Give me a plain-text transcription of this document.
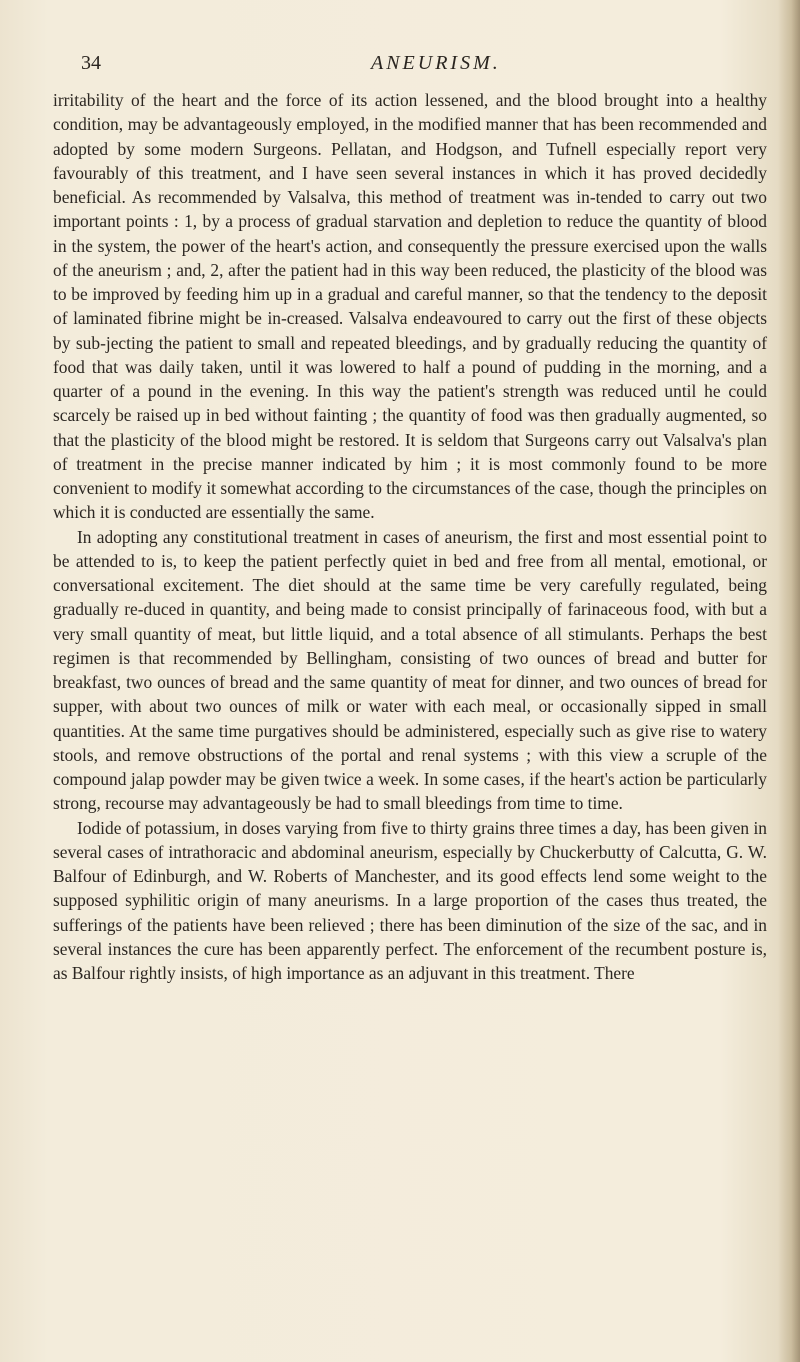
34	ANEURISM.

irritability of the heart and the force of its action lessened, and the blood brought into a healthy condition, may be advantageously employed, in the modified manner that has been recommended and adopted by some modern Surgeons. Pellatan, and Hodgson, and Tufnell especially report very favourably of this treatment, and I have seen several instances in which it has proved decidedly beneficial. As recommended by Valsalva, this method of treatment was in-tended to carry out two important points : 1, by a process of gradual starvation and depletion to reduce the quantity of blood in the system, the power of the heart's action, and consequently the pressure exercised upon the walls of the aneurism ; and, 2, after the patient had in this way been reduced, the plasticity of the blood was to be improved by feeding him up in a gradual and careful manner, so that the tendency to the deposit of laminated fibrine might be in-creased. Valsalva endeavoured to carry out the first of these objects by sub-jecting the patient to small and repeated bleedings, and by gradually reducing the quantity of food that was daily taken, until it was lowered to half a pound of pudding in the morning, and a quarter of a pound in the evening. In this way the patient's strength was reduced until he could scarcely be raised up in bed without fainting ; the quantity of food was then gradually augmented, so that the plasticity of the blood might be restored. It is seldom that Surgeons carry out Valsalva's plan of treatment in the precise manner indicated by him ; it is most commonly found to be more convenient to modify it somewhat according to the circumstances of the case, though the principles on which it is conducted are essentially the same.

In adopting any constitutional treatment in cases of aneurism, the first and most essential point to be attended to is, to keep the patient perfectly quiet in bed and free from all mental, emotional, or conversational excitement. The diet should at the same time be very carefully regulated, being gradually re-duced in quantity, and being made to consist principally of farinaceous food, with but a very small quantity of meat, but little liquid, and a total absence of all stimulants. Perhaps the best regimen is that recommended by Bellingham, consisting of two ounces of bread and butter for breakfast, two ounces of bread and the same quantity of meat for dinner, and two ounces of bread for supper, with about two ounces of milk or water with each meal, or occasionally sipped in small quantities. At the same time purgatives should be administered, especially such as give rise to watery stools, and remove obstructions of the portal and renal systems ; with this view a scruple of the compound jalap powder may be given twice a week. In some cases, if the heart's action be particularly strong, recourse may advantageously be had to small bleedings from time to time.

Iodide of potassium, in doses varying from five to thirty grains three times a day, has been given in several cases of intrathoracic and abdominal aneurism, especially by Chuckerbutty of Calcutta, G. W. Balfour of Edinburgh, and W. Roberts of Manchester, and its good effects lend some weight to the supposed syphilitic origin of many aneurisms. In a large proportion of the cases thus treated, the sufferings of the patients have been relieved ; there has been diminution of the size of the sac, and in several instances the cure has been apparently perfect. The enforcement of the recumbent posture is, as Balfour rightly insists, of high importance as an adjuvant in this treatment. There
